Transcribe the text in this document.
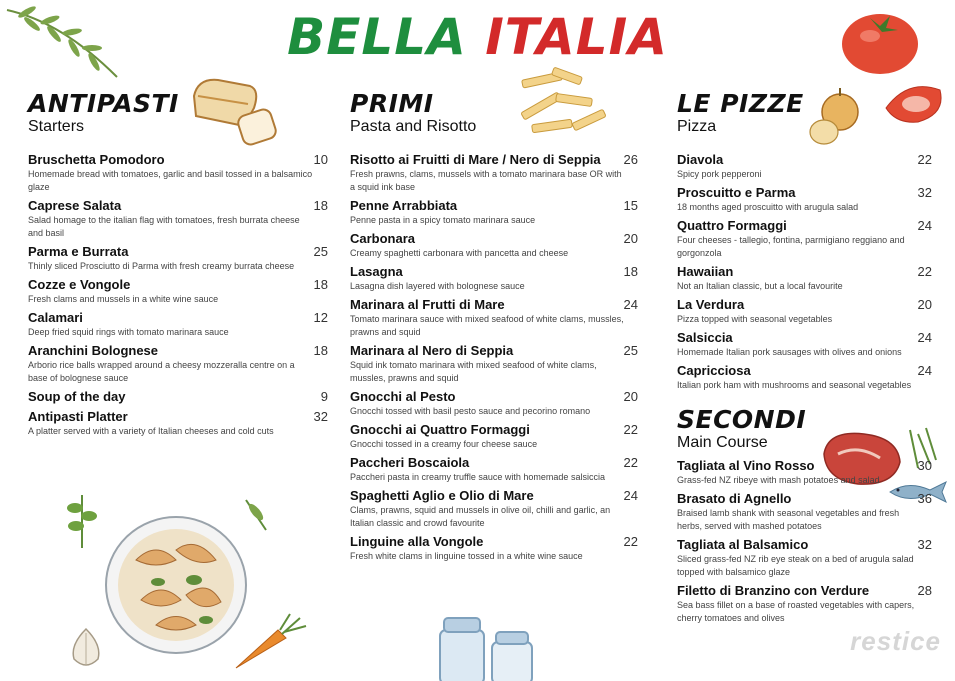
BELLA ITALIA
ANTIPASTI
Starters
Bruschetta Pomodoro	10
Homemade bread with tomatoes, garlic and basil tossed in a balsamico glaze
Caprese Salata	18
Salad homage to the italian flag with tomatoes, fresh burrata cheese and basil
Parma e Burrata	25
Thinly sliced Prosciutto di Parma with fresh creamy burrata cheese
Cozze e Vongole	18
Fresh clams and mussels in a white wine sauce
Calamari	12
Deep fried squid rings with tomato marinara sauce
Aranchini Bolognese	18
Arborio rice balls wrapped around a cheesy mozzeralla centre on a base of bolognese sauce
Soup of the day	9
Antipasti Platter	32
A platter served with a variety of Italian cheeses and cold cuts
PRIMI
Pasta and Risotto
Risotto ai Fruitti di Mare / Nero di Seppia 26
Fresh prawns, clams, mussels with a tomato marinara base OR with a squid ink base
Penne Arrabbiata	15
Penne pasta in a spicy tomato marinara sauce
Carbonara	20
Creamy spaghetti carbonara with pancetta and cheese
Lasagna	18
Lasagna dish layered with bolognese sauce
Marinara al Frutti di Mare	24
Tomato marinara sauce with mixed seafood of white clams, mussles, prawns and squid
Marinara al Nero di Seppia	25
Squid ink tomato marinara with mixed seafood of white clams, mussles, prawns and squid
Gnocchi al Pesto	20
Gnocchi tossed with basil pesto sauce and pecorino romano
Gnocchi ai Quattro Formaggi	22
Gnocchi tossed in a creamy four cheese sauce
Paccheri Boscaiola	22
Paccheri pasta in creamy truffle sauce with homemade salsiccia
Spaghetti Aglio e Olio di Mare	24
Clams, prawns, squid and mussels in olive oil, chilli and garlic, an Italian classic and crowd favourite
Linguine alla Vongole	22
Fresh white clams in linguine tossed in a white wine sauce
LE PIZZE
Pizza
Diavola	22
Spicy pork pepperoni
Proscuitto e Parma	32
18 months aged proscuitto with arugula salad
Quattro Formaggi	24
Four cheeses - tallegio, fontina, parmigiano reggiano and gorgonzola
Hawaiian	22
Not an Italian classic, but a local favourite
La Verdura	20
Pizza topped with seasonal vegetables
Salsiccia	24
Homemade Italian pork sausages with olives and onions
Capricciosa	24
Italian pork ham with mushrooms and seasonal vegetables
SECONDI
Main Course
Tagliata al Vino Rosso	30
Grass-fed NZ ribeye with mash potatoes and salad
Brasato di Agnello	36
Braised lamb shank with seasonal vegetables and fresh herbs, served with mashed potatoes
Tagliata al Balsamico	32
Sliced grass-fed NZ rib eye steak on a bed of arugula salad topped with balsamico glaze
Filetto di Branzino con Verdure	28
Sea bass fillet on a base of roasted vegetables with capers, cherry tomatoes and olives
restice
